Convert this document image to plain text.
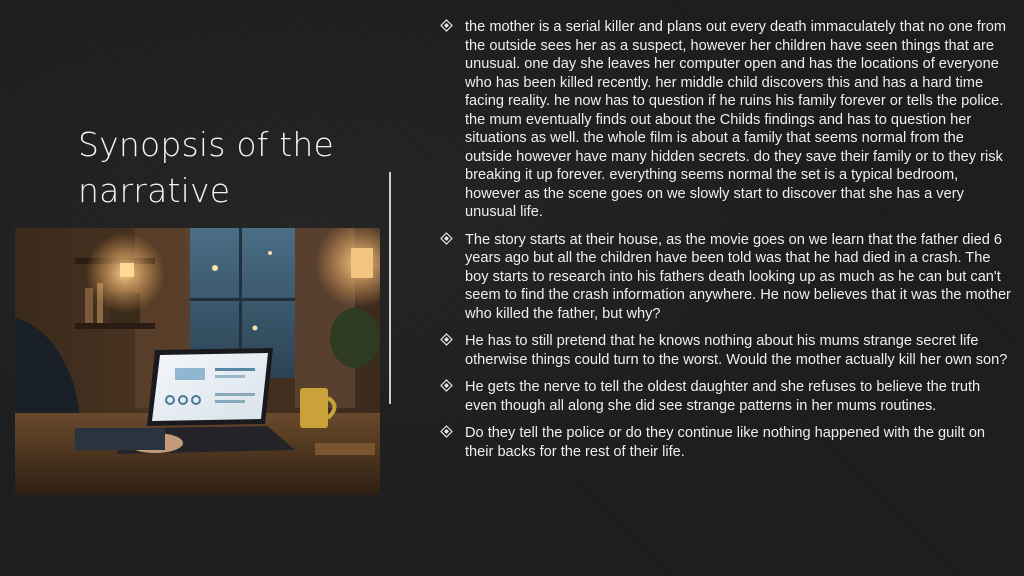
Synopsis of the narrative
the mother is a serial killer and plans out every death immaculately that no one from the outside sees her as a suspect, however her children have seen things that are unusual. one day she leaves her computer open and has the locations of everyone who has been killed recently. her middle child discovers this and has a hard time facing reality. he now has to question if he ruins his family forever or tells the police. the mum eventually finds out about the Childs findings and has to question her situations as well. the whole film is about a family that seems normal from the outside however have many hidden secrets. do they save their family or to they risk breaking it up forever. everything seems normal the set is a typical bedroom, however as the scene goes on we slowly start to discover that she has a very unusual life.
The story starts at their house, as the movie goes on we learn that the father died 6 years ago but all the children have been told was that he had died in a crash. The boy starts to research into his fathers death looking up as much as he can but can't seem to find the crash information anywhere. He now believes that it was the mother who killed the father, but why?
He has to still pretend that he knows nothing about his mums strange secret life otherwise things could turn to the worst. Would the mother actually kill her own son?
He gets the nerve to tell the oldest daughter and she refuses to believe the truth even though all along she did see strange patterns in her mums routines.
Do they tell the police or do they continue like nothing happened with the guilt on their backs for the rest of their life.
